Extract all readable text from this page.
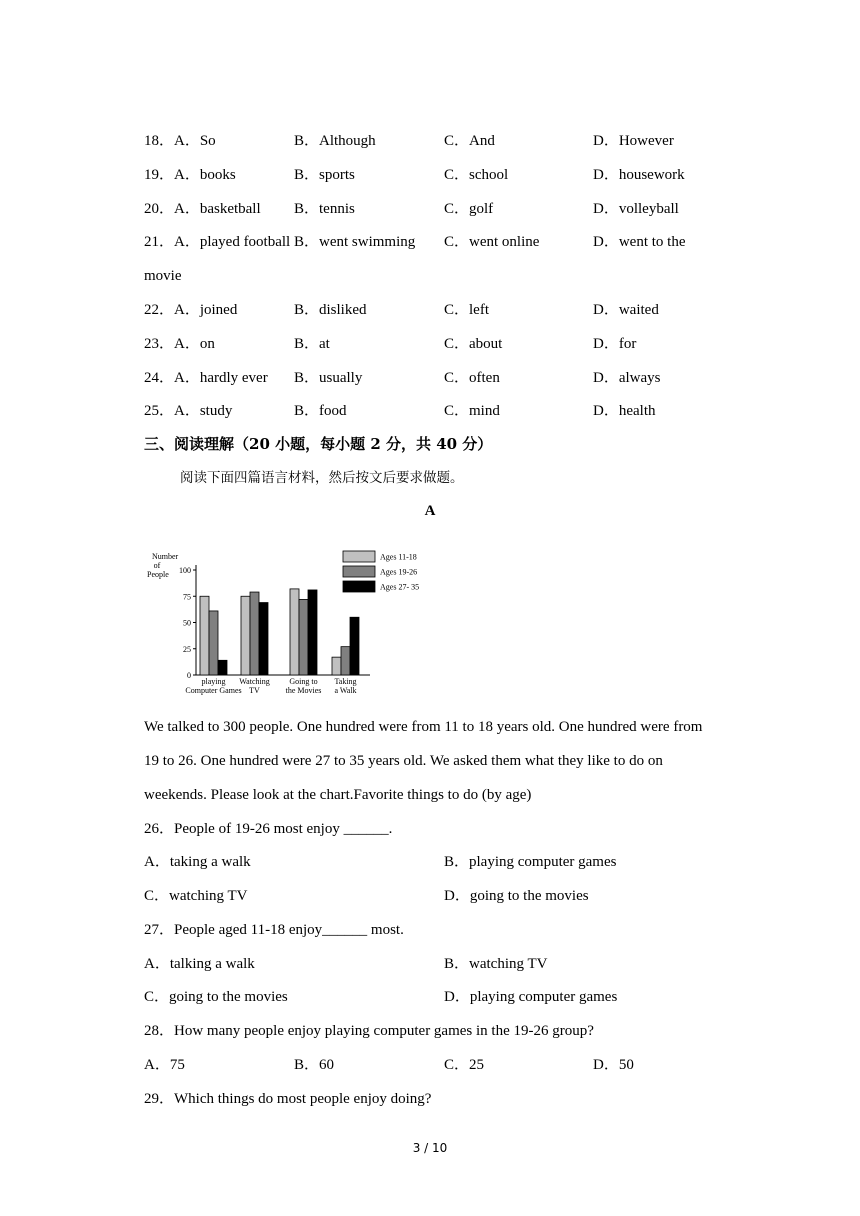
18． A．So	B．Although	C．And	D．However
19． A．books	B．sports	C．school	D．housework
20． A．basketball B．tennis	C．golf	D．volleyball
21． A．played football B．went swimming C．went online	D．went to the
movie
22． A．joined	B．disliked	C．left	D．waited
23． A．on	B．at	C．about	D．for
24． A．hardly ever B．usually	C．often	D．always
25． A．study	B．food	C．mind	D．health
三、阅读理解（20 小题，每小题 2 分，共 40 分）
阅读下面四篇语言材料，然后按文后要求做题。
A
Number
of
People
0
25
50
75
100
playing
Computer Games
Watching
TV
Going to
the Movies
Taking
a Walk
Ages 11-18
Ages 19-26
Ages 27- 35
We talked to 300 people. One hundred were from 11 to 18 years old. One hundred were from
19 to 26. One hundred were 27 to 35 years old. We asked them what they like to do on
weekends. Please look at the chart.Favorite things to do (by age)
26．People of 19-26 most enjoy ______.
A．taking a walk	B．playing computer games
C．watching TV	D．going to the movies
27．People aged 11-18 enjoy______ most.
A．talking a walk	B．watching TV
C．going to the movies	D．playing computer games
28．How many people enjoy playing computer games in the 19-26 group?
A．75	B．60	C．25	D．50
29．Which things do most people enjoy doing?
3 / 10
